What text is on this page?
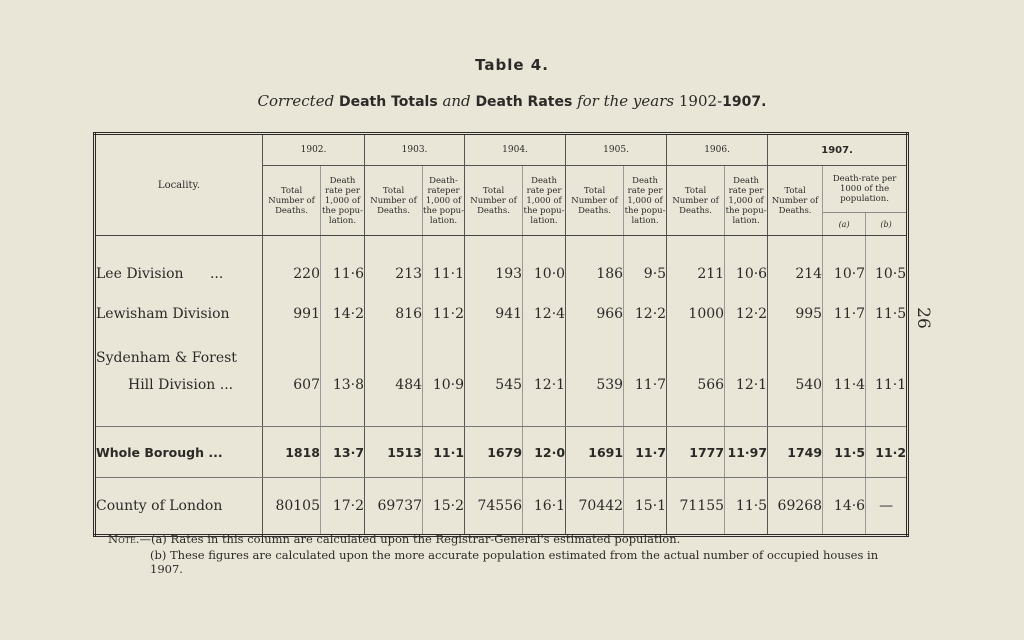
Table 4.
Corrected Death Totals and Death Rates for the years 1902-1907.
26
Locality.	1902.		1903.		1904.		1905.		1906.		1907.		
	Total Number of Deaths.	Death rate per 1,000 of the popu- lation.	Total Number of Deaths.	Death- rateper 1,000 of the popu- lation.	Total Number of Deaths.	Death rate per 1,000 of the popu- lation.	Total Number of Deaths.	Death rate per 1,000 of the popu- lation.	Total Number of Deaths.	Death rate per 1,000 of the popu- lation.	Total Number of Deaths.	Death-rate per 1000 of the population.	
												(a)	(b)
Lee Division ...	220	11·6	213	11·1	193	10·0	186	9·5	211	10·6	214	10·7	10·5
Lewisham Division	991	14·2	816	11·2	941	12·4	966	12·2	1000	12·2	995	11·7	11·5
Sydenham & Forest													
Hill Division ...	607	13·8	484	10·9	545	12·1	539	11·7	566	12·1	540	11·4	11·1

Whole Borough ...	1818	13·7	1513	11·1	1679	12·0	1691	11·7	1777	11·97	1749	11·5	11·2
County of London	80105	17·2	69737	15·2	74556	16·1	70442	15·1	71155	11·5	69268	14·6	—
Note.—(a) Rates in this column are calculated upon the Registrar-General's estimated population.
(b) These figures are calculated upon the more accurate population estimated from the actual number of occupied houses in 1907.
